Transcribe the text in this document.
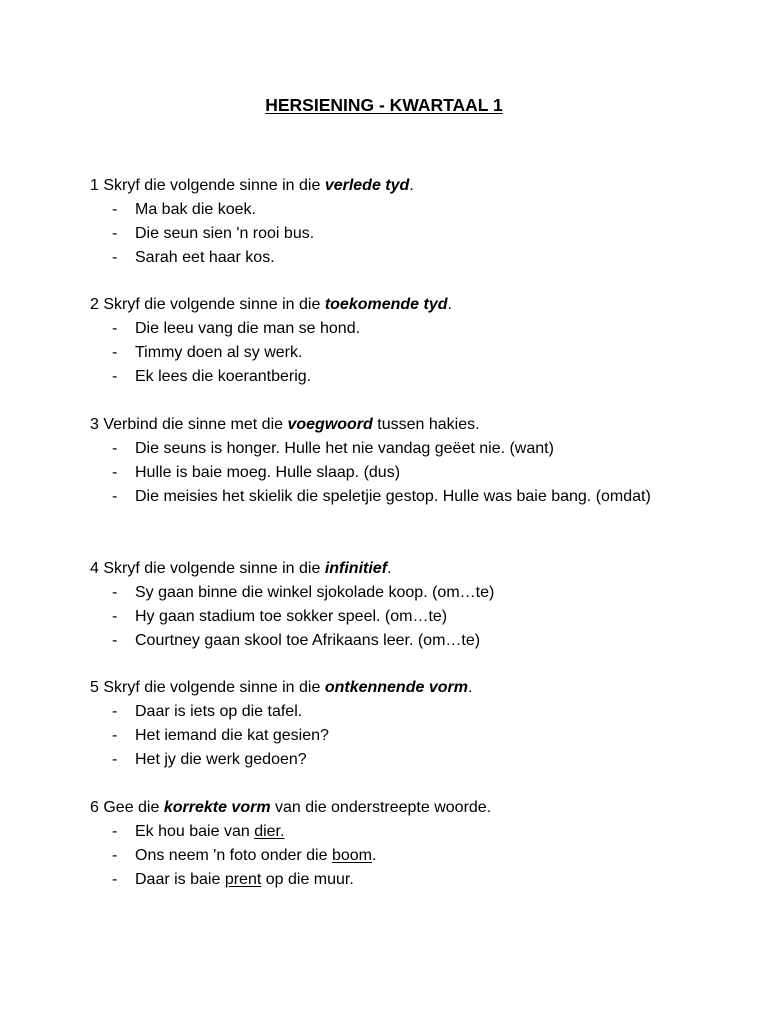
HERSIENING - KWARTAAL 1
1 Skryf die volgende sinne in die verlede tyd.
- Ma bak die koek.
- Die seun sien 'n rooi bus.
- Sarah eet haar kos.
2 Skryf die volgende sinne in die toekomende tyd.
- Die leeu vang die man se hond.
- Timmy doen al sy werk.
- Ek lees die koerantberig.
3 Verbind die sinne met die voegwoord tussen hakies.
- Die seuns is honger. Hulle het nie vandag geëet nie. (want)
- Hulle is baie moeg. Hulle slaap. (dus)
- Die meisies het skielik die speletjie gestop. Hulle was baie bang. (omdat)
4 Skryf die volgende sinne in die infinitief.
- Sy gaan binne die winkel sjokolade koop. (om…te)
- Hy gaan stadium toe sokker speel. (om…te)
- Courtney gaan skool toe Afrikaans leer. (om…te)
5 Skryf die volgende sinne in die ontkennende vorm.
- Daar is iets op die tafel.
- Het iemand die kat gesien?
- Het jy die werk gedoen?
6 Gee die korrekte vorm van die onderstreepte woorde.
- Ek hou baie van dier.
- Ons neem 'n foto onder die boom.
- Daar is baie prent op die muur.
